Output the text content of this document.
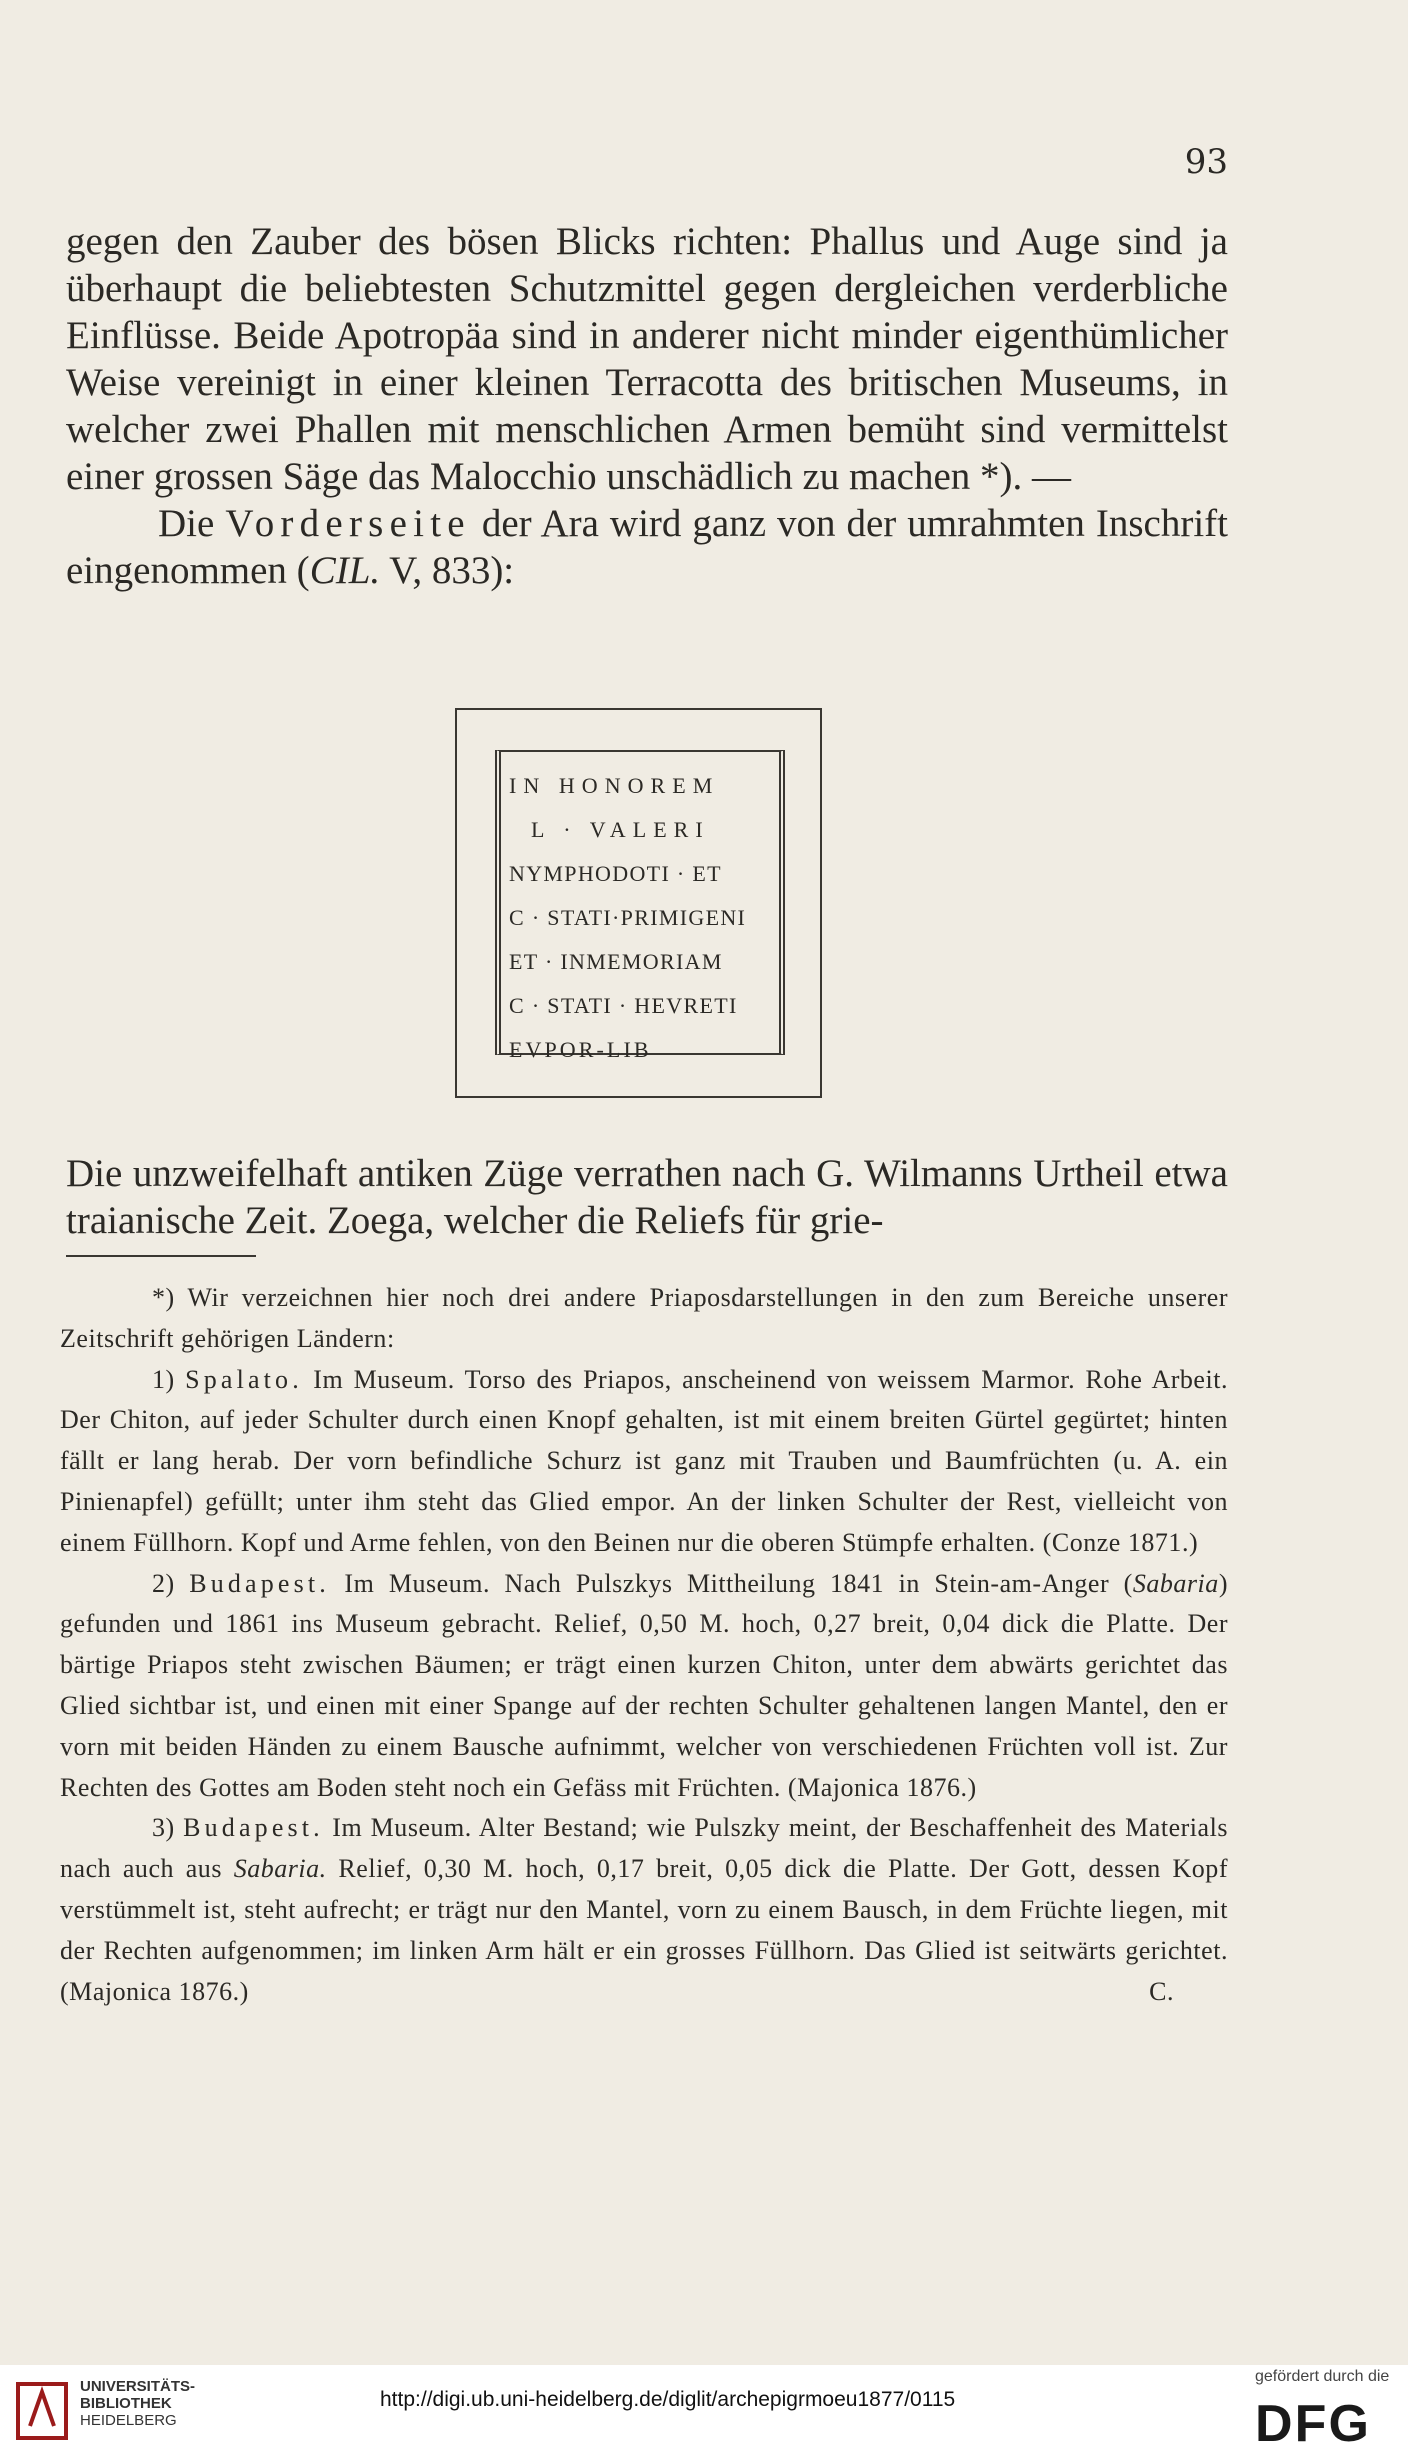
93

gegen den Zauber des bösen Blicks richten: Phallus und Auge sind ja überhaupt die beliebtesten Schutzmittel gegen dergleichen verderbliche Einflüsse. Beide Apotropäa sind in anderer nicht minder eigenthümlicher Weise vereinigt in einer kleinen Terracotta des britischen Museums, in welcher zwei Phallen mit menschlichen Armen bemüht sind vermittelst einer grossen Säge das Malocchio unschädlich zu machen *). —

Die Vorderseite der Ara wird ganz von der umrahmten Inschrift eingenommen (CIL. V, 833):

IN HONOREM
L · VALERI
NYMPHODOTI · ET
C · STATI·PRIMIGENI
ET · INMEMORIAM
C · STATI · HEVRETI
EVPOR-LIB

Die unzweifelhaft antiken Züge verrathen nach G. Wilmanns Urtheil etwa traianische Zeit. Zoega, welcher die Reliefs für grie-

*) Wir verzeichnen hier noch drei andere Priaposdarstellungen in den zum Bereiche unserer Zeitschrift gehörigen Ländern:

1) Spalato. Im Museum. Torso des Priapos, anscheinend von weissem Marmor. Rohe Arbeit. Der Chiton, auf jeder Schulter durch einen Knopf gehalten, ist mit einem breiten Gürtel gegürtet; hinten fällt er lang herab. Der vorn befindliche Schurz ist ganz mit Trauben und Baumfrüchten (u. A. ein Pinienapfel) gefüllt; unter ihm steht das Glied empor. An der linken Schulter der Rest, vielleicht von einem Füllhorn. Kopf und Arme fehlen, von den Beinen nur die oberen Stümpfe erhalten. (Conze 1871.)

2) Budapest. Im Museum. Nach Pulszkys Mittheilung 1841 in Stein-am-Anger (Sabaria) gefunden und 1861 ins Museum gebracht. Relief, 0,50 M. hoch, 0,27 breit, 0,04 dick die Platte. Der bärtige Priapos steht zwischen Bäumen; er trägt einen kurzen Chiton, unter dem abwärts gerichtet das Glied sichtbar ist, und einen mit einer Spange auf der rechten Schulter gehaltenen langen Mantel, den er vorn mit beiden Händen zu einem Bausche aufnimmt, welcher von verschiedenen Früchten voll ist. Zur Rechten des Gottes am Boden steht noch ein Gefäss mit Früchten. (Majonica 1876.)

3) Budapest. Im Museum. Alter Bestand; wie Pulszky meint, der Beschaffenheit des Materials nach auch aus Sabaria. Relief, 0,30 M. hoch, 0,17 breit, 0,05 dick die Platte. Der Gott, dessen Kopf verstümmelt ist, steht aufrecht; er trägt nur den Mantel, vorn zu einem Bausch, in dem Früchte liegen, mit der Rechten aufgenommen; im linken Arm hält er ein grosses Füllhorn. Das Glied ist seitwärts gerichtet. (Majonica 1876.)	C.

UNIVERSITÄTS-
BIBLIOTHEK
HEIDELBERG
http://digi.ub.uni-heidelberg.de/diglit/archepigrmoeu1877/0115
gefördert durch die
DFG
